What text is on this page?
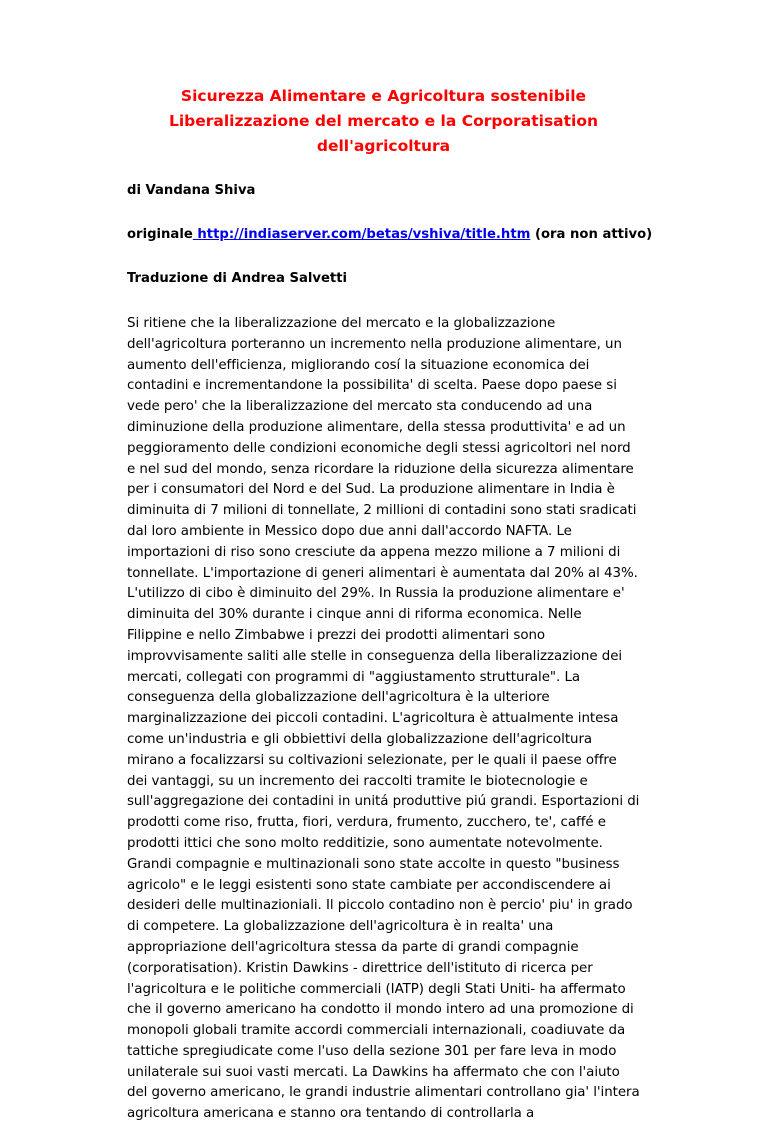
Sicurezza Alimentare e Agricoltura sostenibile Liberalizzazione del mercato e la Corporatisation dell'agricoltura

di Vandana Shiva

originale http://indiaserver.com/betas/vshiva/title.htm (ora non attivo)

Traduzione di Andrea Salvetti

Si ritiene che la liberalizzazione del mercato e la globalizzazione dell'agricoltura porteranno un incremento nella produzione alimentare, un aumento dell'efficienza, migliorando cosí la situazione economica dei contadini e incrementandone la possibilita' di scelta. Paese dopo paese si vede pero' che la liberalizzazione del mercato sta conducendo ad una diminuzione della produzione alimentare, della stessa produttivita' e ad un peggioramento delle condizioni economiche degli stessi agricoltori nel nord e nel sud del mondo, senza ricordare la riduzione della sicurezza alimentare per i consumatori del Nord e del Sud. La produzione alimentare in India è diminuita di 7 milioni di tonnellate, 2 millioni di contadini sono stati sradicati dal loro ambiente in Messico dopo due anni dall'accordo NAFTA. Le importazioni di riso sono cresciute da appena mezzo milione a 7 milioni di tonnellate. L'importazione di generi alimentari è aumentata dal 20% al 43%. L'utilizzo di cibo è diminuito del 29%. In Russia la produzione alimentare e' diminuita del 30% durante i cinque anni di riforma economica. Nelle Filippine e nello Zimbabwe i prezzi dei prodotti alimentari sono improvvisamente saliti alle stelle in conseguenza della liberalizzazione dei mercati, collegati con programmi di "aggiustamento strutturale". La conseguenza della globalizzazione dell'agricoltura è la ulteriore marginalizzazione dei piccoli contadini. L'agricoltura è attualmente intesa come un'industria e gli obbiettivi della globalizzazione dell'agricoltura mirano a focalizzarsi su coltivazioni selezionate, per le quali il paese offre dei vantaggi, su un incremento dei raccolti tramite le biotecnologie e sull'aggregazione dei contadini in unitá produttive piú grandi. Esportazioni di prodotti come riso, frutta, fiori, verdura, frumento, zucchero, te', caffé e prodotti ittici che sono molto redditizie, sono aumentate notevolmente. Grandi compagnie e multinazionali sono state accolte in questo "business agricolo" e le leggi esistenti sono state cambiate per accondiscendere ai desideri delle multinazioniali. Il piccolo contadino non è percio' piu' in grado di competere. La globalizzazione dell'agricoltura è in realta' una appropriazione dell'agricoltura stessa da parte di grandi compagnie (corporatisation). Kristin Dawkins - direttrice dell'istituto di ricerca per l'agricoltura e le politiche commerciali (IATP) degli Stati Uniti- ha affermato che il governo americano ha condotto il mondo intero ad una promozione di monopoli globali tramite accordi commerciali internazionali, coadiuvate da tattiche spregiudicate come l'uso della sezione 301 per fare leva in modo unilaterale sui suoi vasti mercati. La Dawkins ha affermato che con l'aiuto del governo americano, le grandi industrie alimentari controllano gia' l'intera agricoltura americana e stanno ora tentando di controllarla a
